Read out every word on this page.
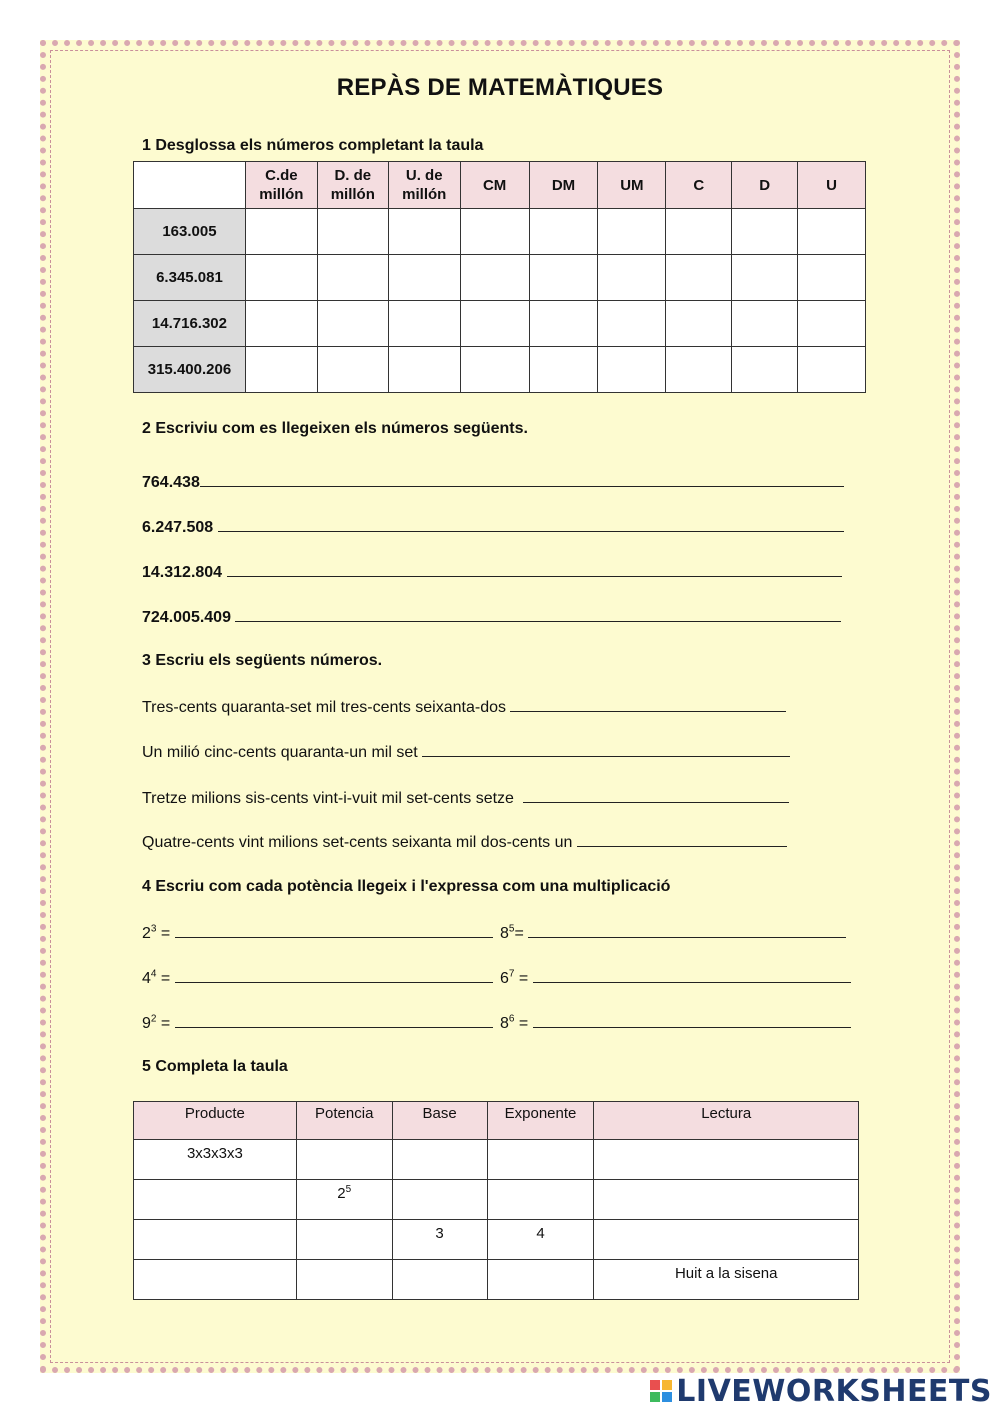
REPÀS DE MATEMÀTIQUES
1 Desglossa els números completant la taula
	C.de millón	D. de millón	U. de millón	CM	DM	UM	C	D	U
163.005									
6.345.081									
14.716.302									
315.400.206									
2 Escriviu com es llegeixen els números següents.
764.438
6.247.508
14.312.804
724.005.409
3 Escriu els següents números.
Tres-cents quaranta-set mil tres-cents seixanta-dos
Un milió cinc-cents quaranta-un mil set
Tretze milions sis-cents vint-i-vuit mil set-cents setze
Quatre-cents vint milions set-cents seixanta mil dos-cents un
4 Escriu com cada potència llegeix i l'expressa com una multiplicació
$2^3$ =	$8^5=$
$4^4$ =	$6^7$ =
$9^2$ =	$8^6$ =
5 Completa la taula
Producte	Potencia	Base	Exponente	Lectura
3x3x3x3				
	$2^5$			
		3	4	
				Huit a la sisena
LIVEWORKSHEETS
